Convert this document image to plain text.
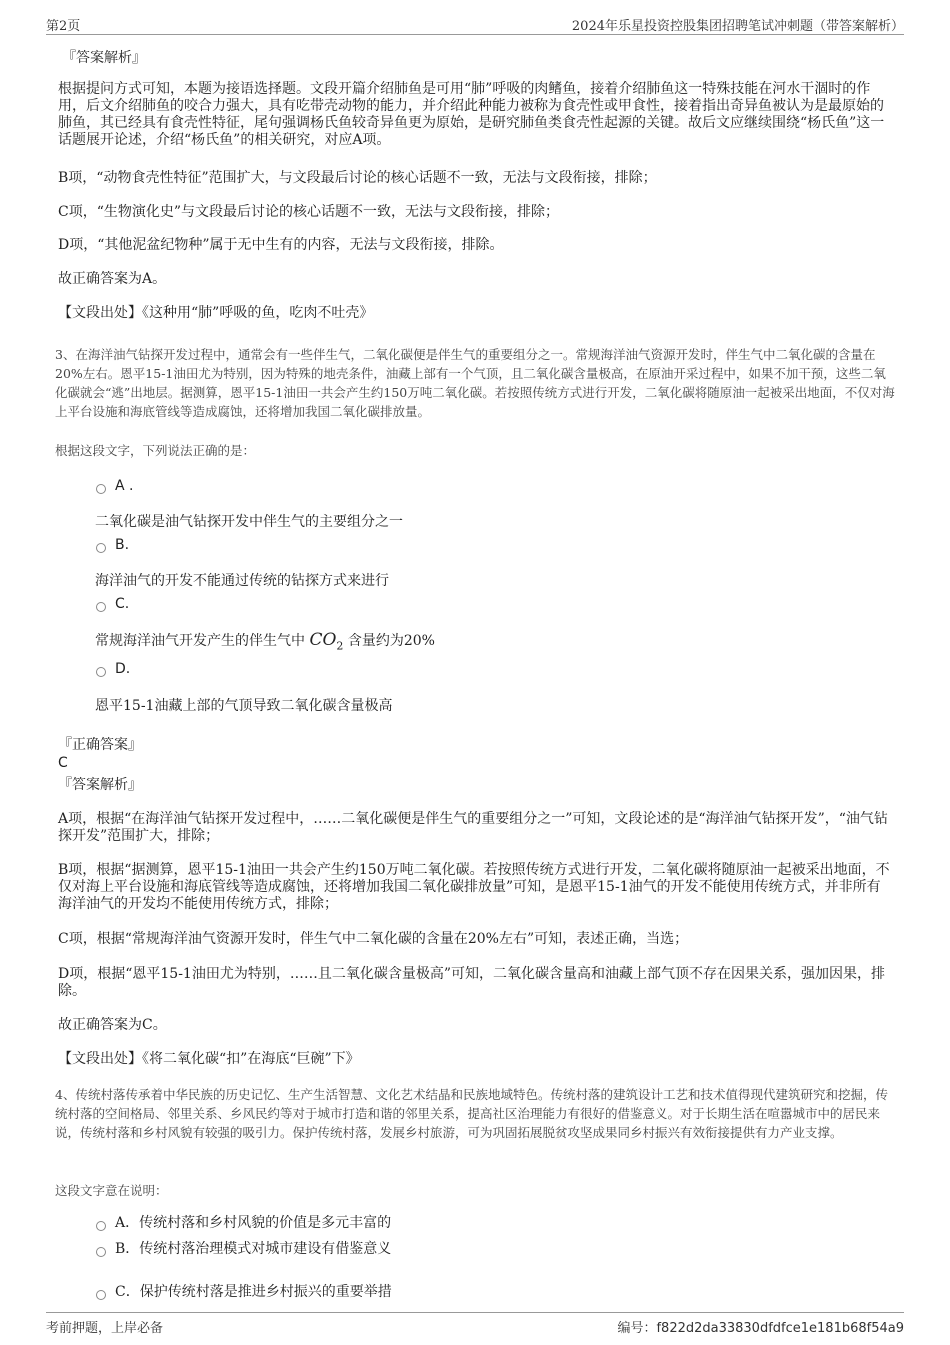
第2页	2024年乐星投资控股集团招聘笔试冲刺题（带答案解析）
『答案解析』
根据提问方式可知，本题为接语选择题。文段开篇介绍肺鱼是可用“肺”呼吸的肉鳍鱼，接着介绍肺鱼这一特殊技能在河水干涸时的作用，后文介绍肺鱼的咬合力强大，具有吃带壳动物的能力，并介绍此种能力被称为食壳性或甲食性，接着指出奇异鱼被认为是最原始的肺鱼，其已经具有食壳性特征，尾句强调杨氏鱼较奇异鱼更为原始，是研究肺鱼类食壳性起源的关键。故后文应继续围绕“杨氏鱼”这一话题展开论述，介绍“杨氏鱼”的相关研究，对应A项。
B项，“动物食壳性特征”范围扩大，与文段最后讨论的核心话题不一致，无法与文段衔接，排除；
C项，“生物演化史”与文段最后讨论的核心话题不一致，无法与文段衔接，排除；
D项，“其他泥盆纪物种”属于无中生有的内容，无法与文段衔接，排除。
故正确答案为A。
【文段出处】《这种用“肺”呼吸的鱼，吃肉不吐壳》
3、在海洋油气钻探开发过程中，通常会有一些伴生气，二氧化碳便是伴生气的重要组分之一。常规海洋油气资源开发时，伴生气中二氧化碳的含量在20%左右。恩平15-1油田尤为特别，因为特殊的地壳条件，油藏上部有一个气顶，且二氧化碳含量极高，在原油开采过程中，如果不加干预，这些二氧化碳就会“逃”出地层。据测算，恩平15-1油田一共会产生约150万吨二氧化碳。若按照传统方式进行开发，二氧化碳将随原油一起被采出地面，不仅对海上平台设施和海底管线等造成腐蚀，还将增加我国二氧化碳排放量。
根据这段文字，下列说法正确的是：
A .
二氧化碳是油气钻探开发中伴生气的主要组分之一
B.
海洋油气的开发不能通过传统的钻探方式来进行
C.
常规海洋油气开发产生的伴生气中 $CO_2$ 含量约为20%
D.
恩平15-1油藏上部的气顶导致二氧化碳含量极高
『正确答案』
C
『答案解析』
A项，根据“在海洋油气钻探开发过程中，……二氧化碳便是伴生气的重要组分之一”可知，文段论述的是“海洋油气钻探开发”，“油气钻探开发”范围扩大，排除；
B项，根据“据测算，恩平15-1油田一共会产生约150万吨二氧化碳。若按照传统方式进行开发，二氧化碳将随原油一起被采出地面，不仅对海上平台设施和海底管线等造成腐蚀，还将增加我国二氧化碳排放量”可知，是恩平15-1油气的开发不能使用传统方式，并非所有海洋油气的开发均不能使用传统方式，排除；
C项，根据“常规海洋油气资源开发时，伴生气中二氧化碳的含量在20%左右”可知，表述正确，当选；
D项，根据“恩平15-1油田尤为特别，……且二氧化碳含量极高”可知，二氧化碳含量高和油藏上部气顶不存在因果关系，强加因果，排除。
故正确答案为C。
【文段出处】《将二氧化碳“扣”在海底“巨碗”下》
4、传统村落传承着中华民族的历史记忆、生产生活智慧、文化艺术结晶和民族地域特色。传统村落的建筑设计工艺和技术值得现代建筑研究和挖掘，传统村落的空间格局、邻里关系、乡风民约等对于城市打造和谐的邻里关系，提高社区治理能力有很好的借鉴意义。对于长期生活在喧嚣城市中的居民来说，传统村落和乡村风貌有较强的吸引力。保护传统村落，发展乡村旅游，可为巩固拓展脱贫攻坚成果同乡村振兴有效衔接提供有力产业支撑。
这段文字意在说明：
A．传统村落和乡村风貌的价值是多元丰富的
B．传统村落治理模式对城市建设有借鉴意义
C．保护传统村落是推进乡村振兴的重要举措
考前押题，上岸必备	编号：f822d2da33830dfdfce1e181b68f54a9
